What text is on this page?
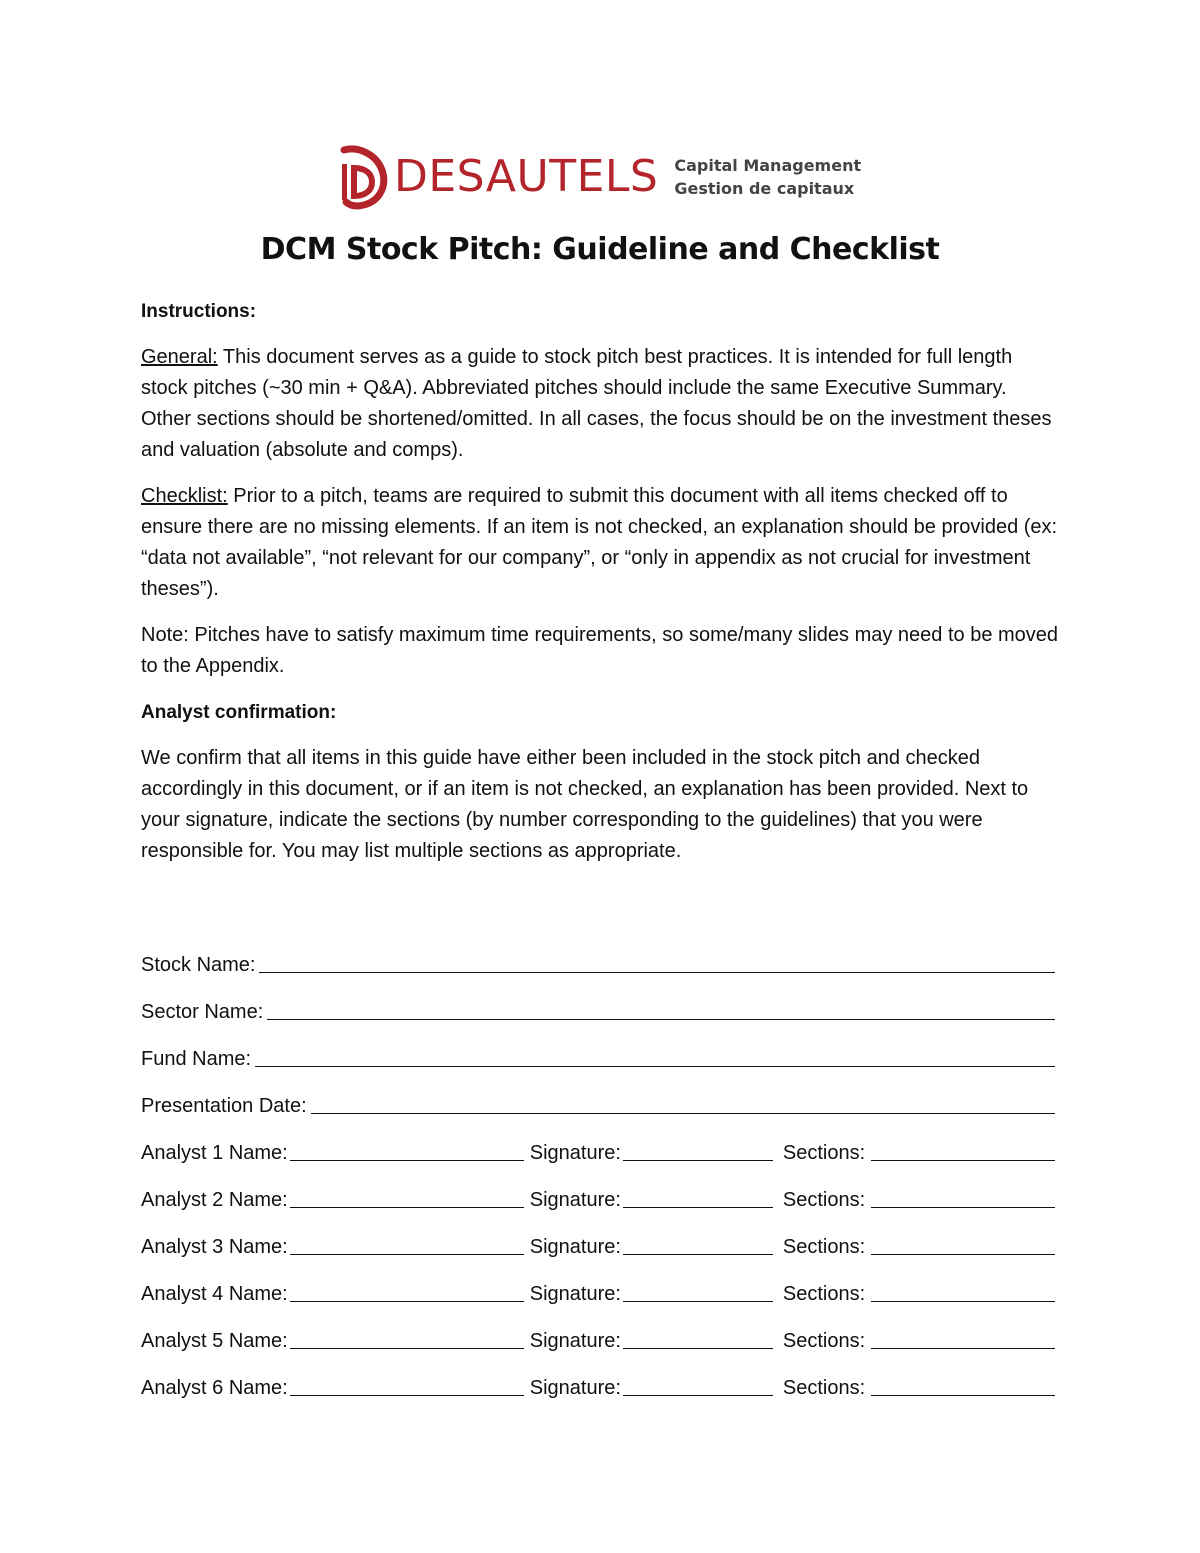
DESAUTELS Capital Management
Gestion de capitaux
DCM Stock Pitch: Guideline and Checklist

Instructions:

General: This document serves as a guide to stock pitch best practices. It is intended for full length stock pitches (~30 min + Q&A). Abbreviated pitches should include the same Executive Summary. Other sections should be shortened/omitted. In all cases, the focus should be on the investment theses and valuation (absolute and comps).

Checklist: Prior to a pitch, teams are required to submit this document with all items checked off to ensure there are no missing elements. If an item is not checked, an explanation should be provided (ex: “data not available”, “not relevant for our company”, or “only in appendix as not crucial for investment theses”).

Note: Pitches have to satisfy maximum time requirements, so some/many slides may need to be moved to the Appendix.

Analyst confirmation:

We confirm that all items in this guide have either been included in the stock pitch and checked accordingly in this document, or if an item is not checked, an explanation has been provided. Next to your signature, indicate the sections (by number corresponding to the guidelines) that you were responsible for. You may list multiple sections as appropriate.

Stock Name:
Sector Name:
Fund Name:
Presentation Date:
Analyst 1 Name:	Signature:	Sections:
Analyst 2 Name:	Signature:	Sections:
Analyst 3 Name:	Signature:	Sections:
Analyst 4 Name:	Signature:	Sections:
Analyst 5 Name:	Signature:	Sections:
Analyst 6 Name:	Signature:	Sections:
